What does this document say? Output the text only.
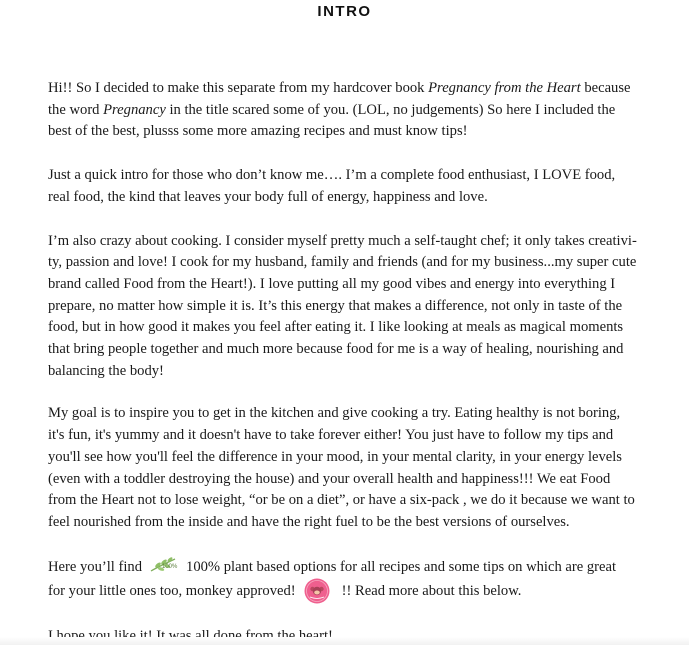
INTRO

Hi!! So I decided to make this separate from my hardcover book Pregnancy from the Heart because
the word Pregnancy in the title scared some of you. (LOL, no judgements) So here I included the
best of the best, plusss some more amazing recipes and must know tips!

Just a quick intro for those who don’t know me…. I’m a complete food enthusiast, I LOVE food,
real food, the kind that leaves your body full of energy, happiness and love.

I’m also crazy about cooking. I consider myself pretty much a self-taught chef; it only takes creativi-
ty, passion and love! I cook for my husband, family and friends (and for my business...my super cute
brand called Food from the Heart!). I love putting all my good vibes and energy into everything I
prepare, no matter how simple it is. It’s this energy that makes a difference, not only in taste of the
food, but in how good it makes you feel after eating it. I like looking at meals as magical moments
that bring people together and much more because food for me is a way of healing, nourishing and
balancing the body!

My goal is to inspire you to get in the kitchen and give cooking a try. Eating healthy is not boring,
it's fun, it's yummy and it doesn't have to take forever either! You just have to follow my tips and
you'll see how you'll feel the difference in your mood, in your mental clarity, in your energy levels
(even with a toddler destroying the house) and your overall health and happiness!!! We eat Food
from the Heart not to lose weight, “or be on a diet”, or have a six-pack , we do it because we want to
feel nourished from the inside and have the right fuel to be the best versions of ourselves.

Here you’ll find	100% 100% plant based options for all recipes and some tips on which are great
for your little ones too, monkey approved!	!! Read more about this below.
